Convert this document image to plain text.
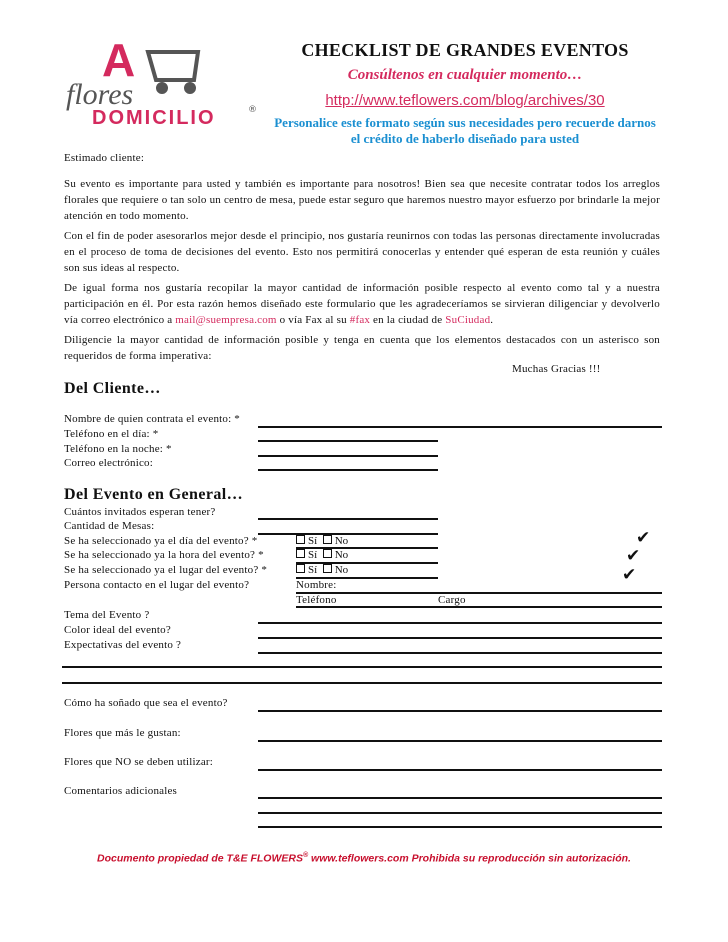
A
flores
DOMICILIO	®
CHECKLIST DE GRANDES EVENTOS
Consúltenos en cualquier momento…
http://www.teflowers.com/blog/archives/30
Personalice este formato según sus necesidades pero recuerde darnos el crédito de haberlo diseñado para usted
Estimado cliente:
Su evento es importante para usted y también es importante para nosotros! Bien sea que necesite contratar todos los arreglos florales que requiere o tan solo un centro de mesa, puede estar seguro que haremos nuestro mayor esfuerzo por brindarle la mejor atención en todo momento.
Con el fin de poder asesorarlos mejor desde el principio, nos gustaría reunirnos con todas las personas directamente involucradas en el proceso de toma de decisiones del evento. Esto nos permitirá conocerlas y entender qué esperan de esta reunión y cuáles son sus ideas al respecto.
De igual forma nos gustaría recopilar la mayor cantidad de información posible respecto al evento como tal y a nuestra participación en él. Por esta razón hemos diseñado este formulario que les agradeceríamos se sirvieran diligenciar y devolverlo vía correo electrónico a mail@suempresa.com o vía Fax al su #fax en la ciudad de SuCiudad.
Diligencie la mayor cantidad de información posible y tenga en cuenta que los elementos destacados con un asterisco son requeridos de forma imperativa:
Muchas Gracias !!!
Del Cliente…
Nombre de quien contrata el evento: *
Teléfono en el día: *
Teléfono en la noche: *
Correo electrónico:
Del Evento en General…
Cuántos invitados esperan tener?
Cantidad de Mesas:
Se ha seleccionado ya el día del evento? *	Sí No	✔
Se ha seleccionado ya la hora del evento? *	Sí No	✔
Se ha seleccionado ya el lugar del evento? *	Sí No	✔
Persona contacto en el lugar del evento?	Nombre:
Teléfono	Cargo
Tema del Evento ?
Color ideal del evento?
Expectativas del evento ?
Cómo ha soñado que sea el evento?
Flores que más le gustan:
Flores que NO se deben utilizar:
Comentarios adicionales
Documento propiedad de T&E FLOWERS® www.teflowers.com Prohibida su reproducción sin autorización.
